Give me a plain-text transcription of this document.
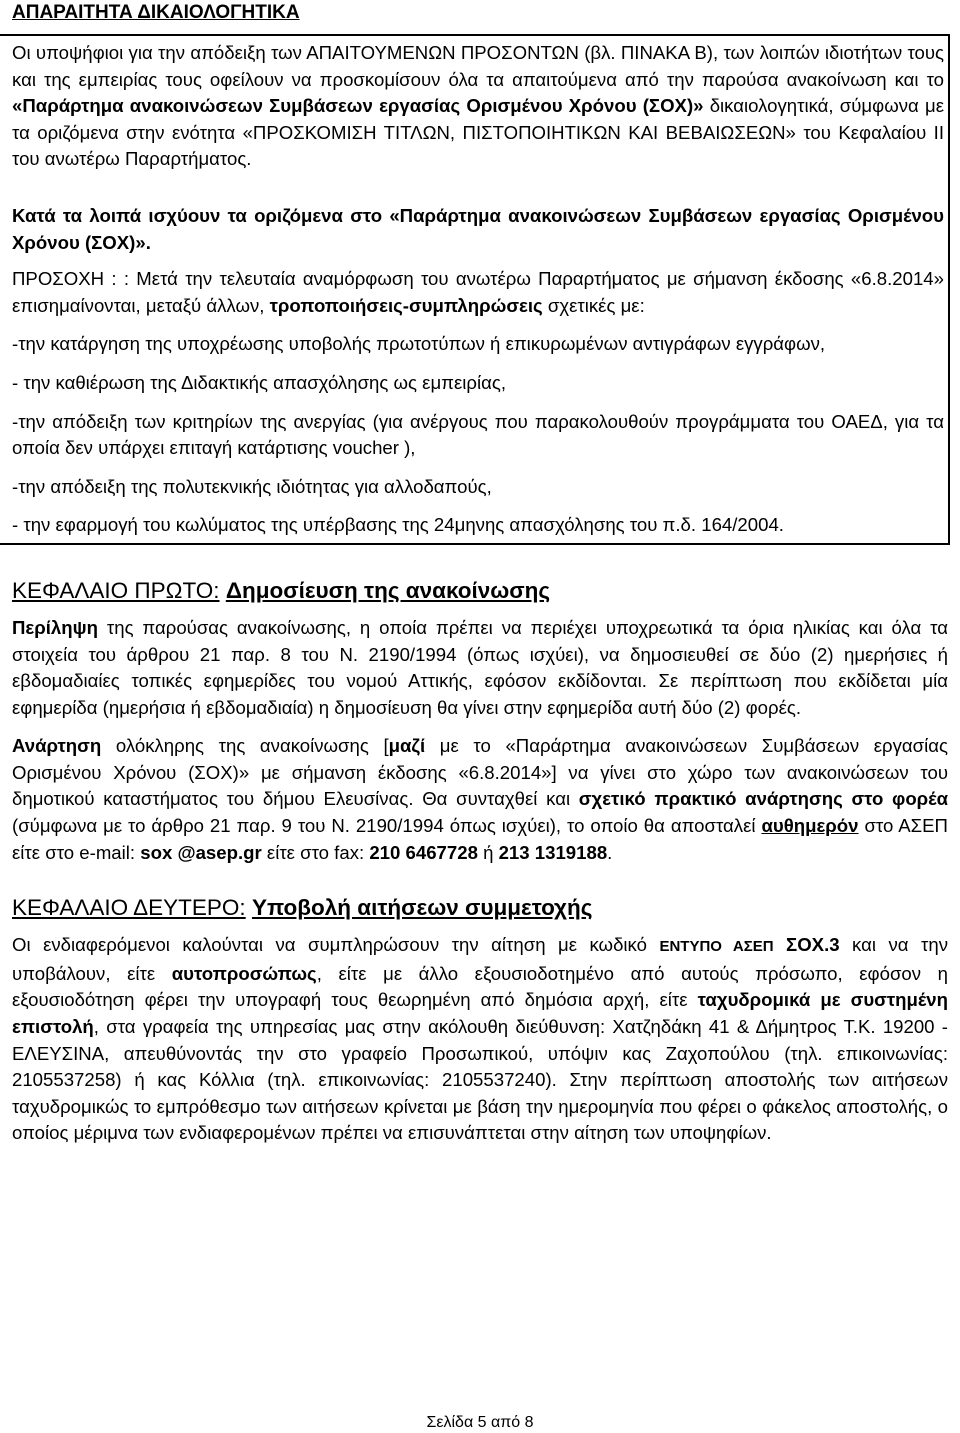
ΑΠΑΡΑΙΤΗΤΑ ΔΙΚΑΙΟΛΟΓΗΤΙΚΑ

Οι υποψήφιοι για την απόδειξη των ΑΠΑΙΤΟΥΜΕΝΩΝ ΠΡΟΣΟΝΤΩΝ (βλ. ΠΙΝΑΚΑ Β), των λοιπών ιδιοτήτων τους και της εμπειρίας τους οφείλουν να προσκομίσουν όλα τα απαιτούμενα από την παρούσα ανακοίνωση και το «Παράρτημα ανακοινώσεων Συμβάσεων εργασίας Ορισμένου Χρόνου (ΣΟΧ)» δικαιολογητικά, σύμφωνα με τα οριζόμενα στην ενότητα «ΠΡΟΣΚΟΜΙΣΗ ΤΙΤΛΩΝ, ΠΙΣΤΟΠΟΙΗΤΙΚΩΝ ΚΑΙ ΒΕΒΑΙΩΣΕΩΝ» του Κεφαλαίου ΙΙ του ανωτέρω Παραρτήματος.

Κατά τα λοιπά ισχύουν τα οριζόμενα στο «Παράρτημα ανακοινώσεων Συμβάσεων εργασίας Ορισμένου Χρόνου (ΣΟΧ)».

ΠΡΟΣΟΧΗ : : Μετά την τελευταία αναμόρφωση του ανωτέρω Παραρτήματος με σήμανση έκδοσης «6.8.2014» επισημαίνονται, μεταξύ άλλων, τροποποιήσεις-συμπληρώσεις σχετικές με:

-την κατάργηση της υποχρέωσης υποβολής πρωτοτύπων ή επικυρωμένων αντιγράφων εγγράφων,

- την καθιέρωση της Διδακτικής απασχόλησης ως εμπειρίας,

-την απόδειξη των κριτηρίων της ανεργίας (για ανέργους που παρακολουθούν προγράμματα του ΟΑΕΔ, για τα οποία δεν υπάρχει επιταγή κατάρτισης voucher ),

-την απόδειξη της πολυτεκνικής ιδιότητας για αλλοδαπούς,

- την εφαρμογή του κωλύματος της υπέρβασης της 24μηνης απασχόλησης του π.δ. 164/2004.

ΚΕΦΑΛΑΙΟ ΠΡΩΤΟ: Δημοσίευση της ανακοίνωσης

Περίληψη της παρούσας ανακοίνωσης, η οποία πρέπει να περιέχει υποχρεωτικά τα όρια ηλικίας και όλα τα στοιχεία του άρθρου 21 παρ. 8 του Ν. 2190/1994 (όπως ισχύει), να δημοσιευθεί σε δύο (2) ημερήσιες ή εβδομαδιαίες τοπικές εφημερίδες του νομού Αττικής, εφόσον εκδίδονται. Σε περίπτωση που εκδίδεται μία εφημερίδα (ημερήσια ή εβδομαδιαία) η δημοσίευση θα γίνει στην εφημερίδα αυτή δύο (2) φορές.

Ανάρτηση ολόκληρης της ανακοίνωσης [μαζί με το «Παράρτημα ανακοινώσεων Συμβάσεων εργασίας Ορισμένου Χρόνου (ΣΟΧ)» με σήμανση έκδοσης «6.8.2014»] να γίνει στο χώρο των ανακοινώσεων του δημοτικού καταστήματος του δήμου Ελευσίνας. Θα συνταχθεί και σχετικό πρακτικό ανάρτησης στο φορέα (σύμφωνα με το άρθρο 21 παρ. 9 του Ν. 2190/1994 όπως ισχύει), το οποίο θα αποσταλεί αυθημερόν στο ΑΣΕΠ είτε στο e-mail: sox @asep.gr είτε στο fax: 210 6467728 ή 213 1319188.

ΚΕΦΑΛΑΙΟ ΔΕΥΤΕΡΟ: Υποβολή αιτήσεων συμμετοχής

Οι ενδιαφερόμενοι καλούνται να συμπληρώσουν την αίτηση με κωδικό ΕΝΤΥΠΟ ΑΣΕΠ ΣΟΧ.3 και να την υποβάλουν, είτε αυτοπροσώπως, είτε με άλλο εξουσιοδοτημένο από αυτούς πρόσωπο, εφόσον η εξουσιοδότηση φέρει την υπογραφή τους θεωρημένη από δημόσια αρχή, είτε ταχυδρομικά με συστημένη επιστολή, στα γραφεία της υπηρεσίας μας στην ακόλουθη διεύθυνση: Χατζηδάκη 41 & Δήμητρος Τ.Κ. 19200 - ΕΛΕΥΣΙΝΑ, απευθύνοντάς την στο γραφείο Προσωπικού, υπόψιν κας Ζαχοπούλου (τηλ. επικοινωνίας: 2105537258) ή κας Κόλλια (τηλ. επικοινωνίας: 2105537240). Στην περίπτωση αποστολής των αιτήσεων ταχυδρομικώς το εμπρόθεσμο των αιτήσεων κρίνεται με βάση την ημερομηνία που φέρει ο φάκελος αποστολής, ο οποίος μέριμνα των ενδιαφερομένων πρέπει να επισυνάπτεται στην αίτηση των υποψηφίων.

Σελίδα 5 από 8
